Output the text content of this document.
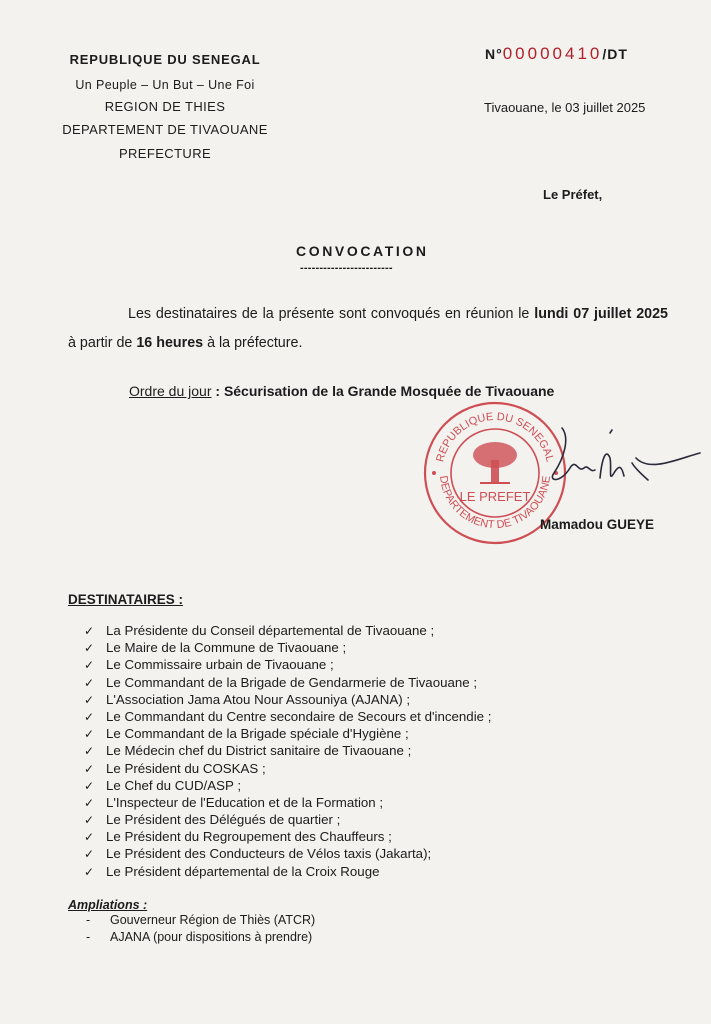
REPUBLIQUE DU SENEGAL
Un Peuple – Un But – Une Foi
REGION DE THIES
DEPARTEMENT DE TIVAOUANE
PREFECTURE
N°00000410/DT
Tivaouane, le 03 juillet 2025
Le Préfet,
CONVOCATION
------------------------
Les destinataires de la présente sont convoqués en réunion le lundi 07 juillet 2025 à partir de 16 heures à la préfecture.
Ordre du jour : Sécurisation de la Grande Mosquée de Tivaouane
REPUBLIQUE DU SENEGAL
DEPARTEMENT DE TIVAOUANE
LE PREFET
Mamadou GUEYE
DESTINATAIRES :
✓ La Présidente du Conseil départemental de Tivaouane ;
✓ Le Maire de la Commune de Tivaouane ;
✓ Le Commissaire urbain de Tivaouane ;
✓ Le Commandant de la Brigade de Gendarmerie de Tivaouane ;
✓ L'Association Jama Atou Nour Assouniya (AJANA) ;
✓ Le Commandant du Centre secondaire de Secours et d'incendie ;
✓ Le Commandant de la Brigade spéciale d'Hygiène ;
✓ Le Médecin chef du District sanitaire de Tivaouane ;
✓ Le Président du COSKAS ;
✓ Le Chef du CUD/ASP ;
✓ L'Inspecteur de l'Education et de la Formation ;
✓ Le Président des Délégués de quartier ;
✓ Le Président du Regroupement des Chauffeurs ;
✓ Le Président des Conducteurs de Vélos taxis (Jakarta);
✓ Le Président départemental de la Croix Rouge
Ampliations :
- Gouverneur Région de Thiès (ATCR)
- AJANA (pour dispositions à prendre)
